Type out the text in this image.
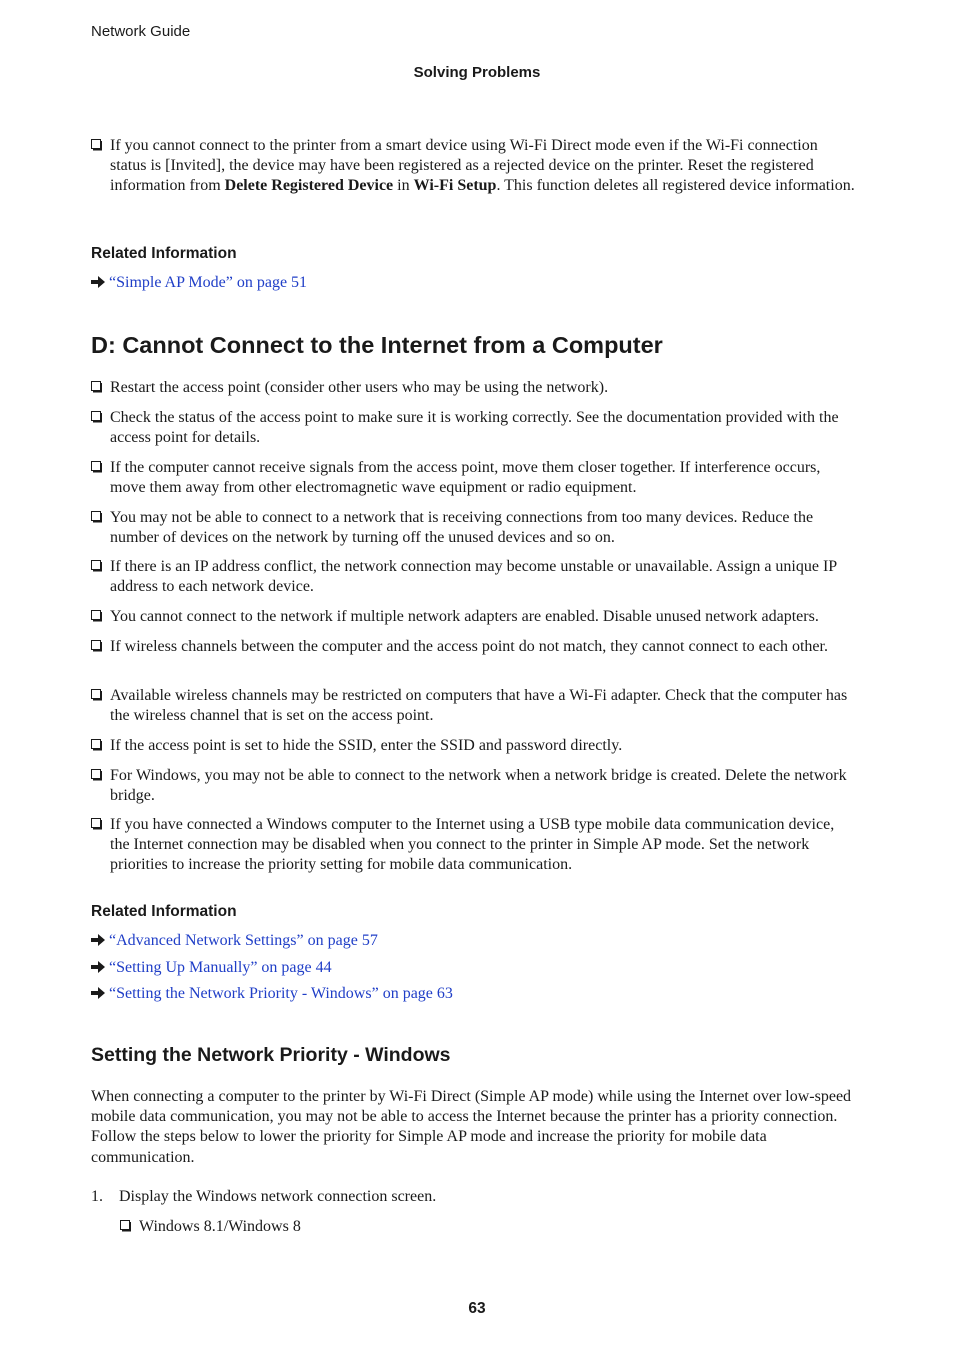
Network Guide
Solving Problems
If you cannot connect to the printer from a smart device using Wi-Fi Direct mode even if the Wi-Fi connection status is [Invited], the device may have been registered as a rejected device on the printer. Reset the registered information from Delete Registered Device in Wi-Fi Setup. This function deletes all registered device information.
Related Information
“Simple AP Mode” on page 51
D: Cannot Connect to the Internet from a Computer
Restart the access point (consider other users who may be using the network).
Check the status of the access point to make sure it is working correctly. See the documentation provided with the access point for details.
If the computer cannot receive signals from the access point, move them closer together. If interference occurs, move them away from other electromagnetic wave equipment or radio equipment.
You may not be able to connect to a network that is receiving connections from too many devices. Reduce the number of devices on the network by turning off the unused devices and so on.
If there is an IP address conflict, the network connection may become unstable or unavailable. Assign a unique IP address to each network device.
You cannot connect to the network if multiple network adapters are enabled. Disable unused network adapters.
If wireless channels between the computer and the access point do not match, they cannot connect to each other.
Available wireless channels may be restricted on computers that have a Wi-Fi adapter. Check that the computer has the wireless channel that is set on the access point.
If the access point is set to hide the SSID, enter the SSID and password directly.
For Windows, you may not be able to connect to the network when a network bridge is created. Delete the network bridge.
If you have connected a Windows computer to the Internet using a USB type mobile data communication device, the Internet connection may be disabled when you connect to the printer in Simple AP mode. Set the network priorities to increase the priority setting for mobile data communication.
Related Information
“Advanced Network Settings” on page 57
“Setting Up Manually” on page 44
“Setting the Network Priority - Windows” on page 63
Setting the Network Priority - Windows
When connecting a computer to the printer by Wi-Fi Direct (Simple AP mode) while using the Internet over low-speed mobile data communication, you may not be able to access the Internet because the printer has a priority connection. Follow the steps below to lower the priority for Simple AP mode and increase the priority for mobile data communication.
1. Display the Windows network connection screen.
Windows 8.1/Windows 8
63
